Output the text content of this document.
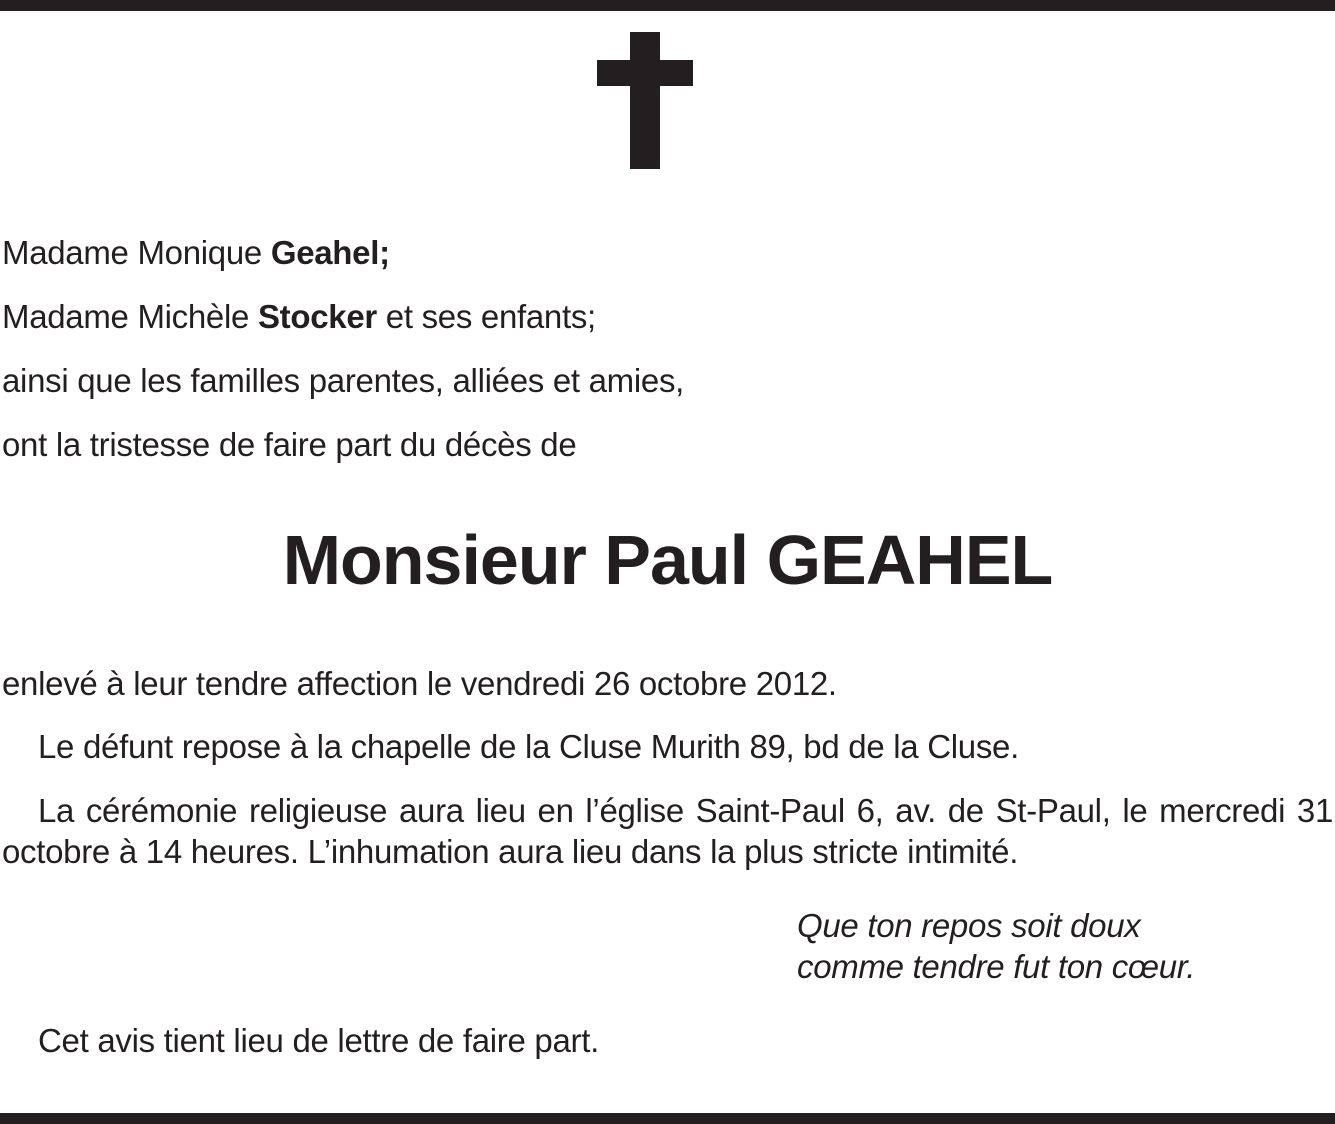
Madame Monique Geahel;
Madame Michèle Stocker et ses enfants;
ainsi que les familles parentes, alliées et amies,
ont la tristesse de faire part du décès de
Monsieur Paul GEAHEL
enlevé à leur tendre affection le vendredi 26 octobre 2012.
Le défunt repose à la chapelle de la Cluse Murith 89, bd de la Cluse.
La cérémonie religieuse aura lieu en l’église Saint-Paul 6, av. de St-Paul, le mercredi 31 octobre à 14 heures. L’inhumation aura lieu dans la plus stricte intimité.
Que ton repos soit doux
comme tendre fut ton cœur.
Cet avis tient lieu de lettre de faire part.
